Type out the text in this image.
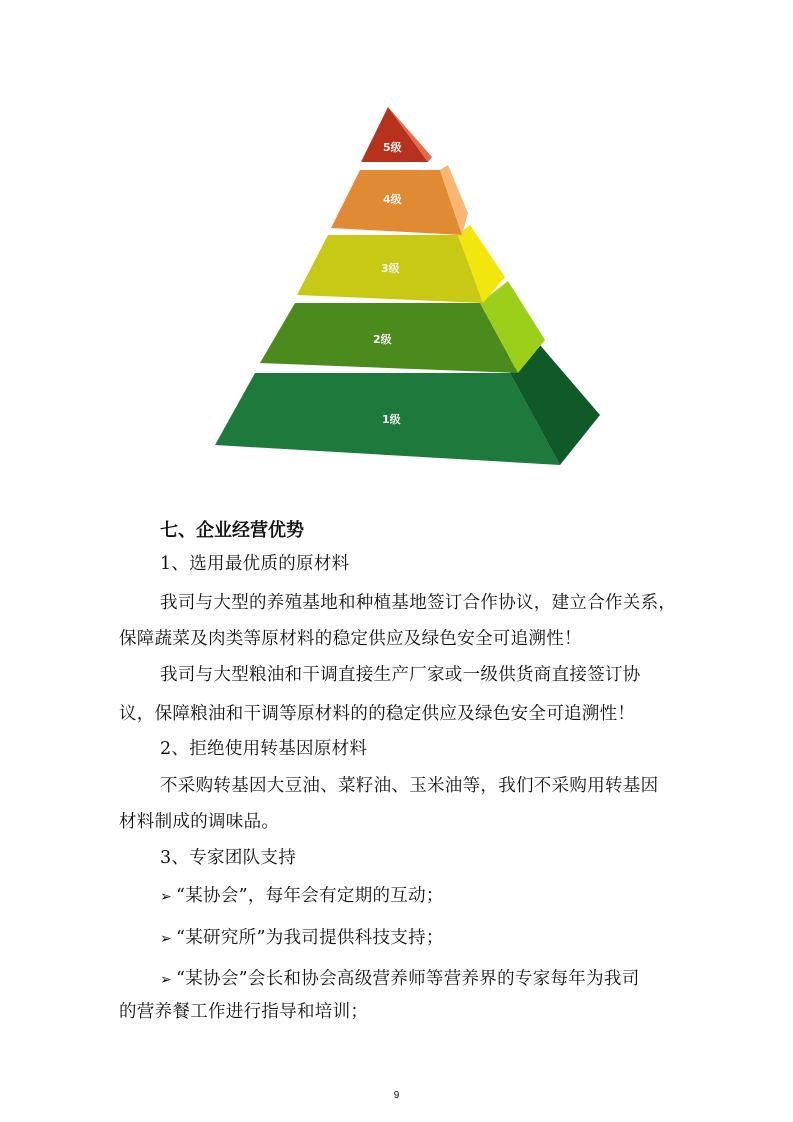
1级
2级
3级
4级
5级
七、企业经营优势
1、选用最优质的原材料
我司与大型的养殖基地和种植基地签订合作协议，建立合作关系，
保障蔬菜及肉类等原材料的稳定供应及绿色安全可追溯性！
我司与大型粮油和干调直接生产厂家或一级供货商直接签订协
议，保障粮油和干调等原材料的的稳定供应及绿色安全可追溯性！
2、拒绝使用转基因原材料
不采购转基因大豆油、菜籽油、玉米油等，我们不采购用转基因
材料制成的调味品。
3、专家团队支持
➢ “某协会”，每年会有定期的互动；
➢ “某研究所”为我司提供科技支持；
➢ “某协会”会长和协会高级营养师等营养界的专家每年为我司
的营养餐工作进行指导和培训；
9
